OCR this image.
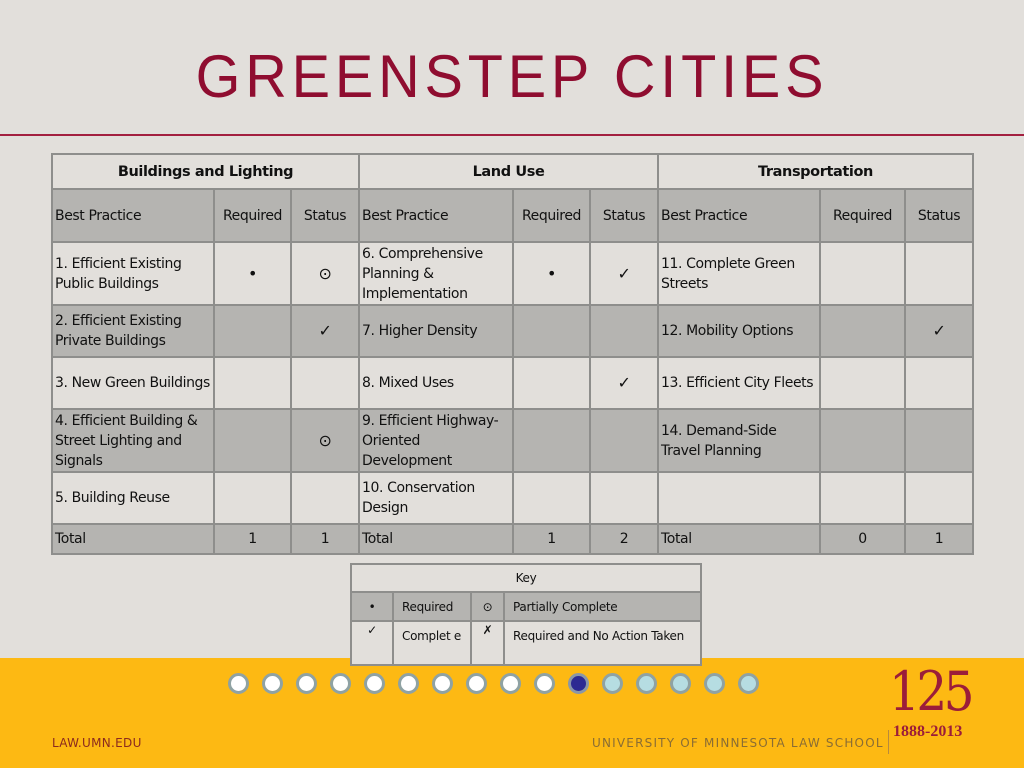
GREENSTEP CITIES
Buildings and Lighting			Land Use			Transportation		
Best Practice	Required	Status	Best Practice	Required	Status	Best Practice	Required	Status
1. Efficient Existing Public Buildings	•	⊙	6. Comprehensive Planning & Implementation	•	✓	11. Complete Green Streets		
2. Efficient Existing Private Buildings		✓	7. Higher Density			12. Mobility Options		✓
3. New Green Buildings			8. Mixed Uses		✓	13. Efficient City Fleets		
4. Efficient Building & Street Lighting and Signals		⊙	9. Efficient Highway-Oriented Development			14. Demand-Side Travel Planning		
5. Building Reuse			10. Conservation Design					
Total	1	1	Total	1	2	Total	0	1
Key			
•	Required	⊙	Partially Complete
✓	Complet e	✗	Required and No Action Taken
LAW.UMN.EDU	UNIVERSITY OF MINNESOTA LAW SCHOOL
125
1888-2013
